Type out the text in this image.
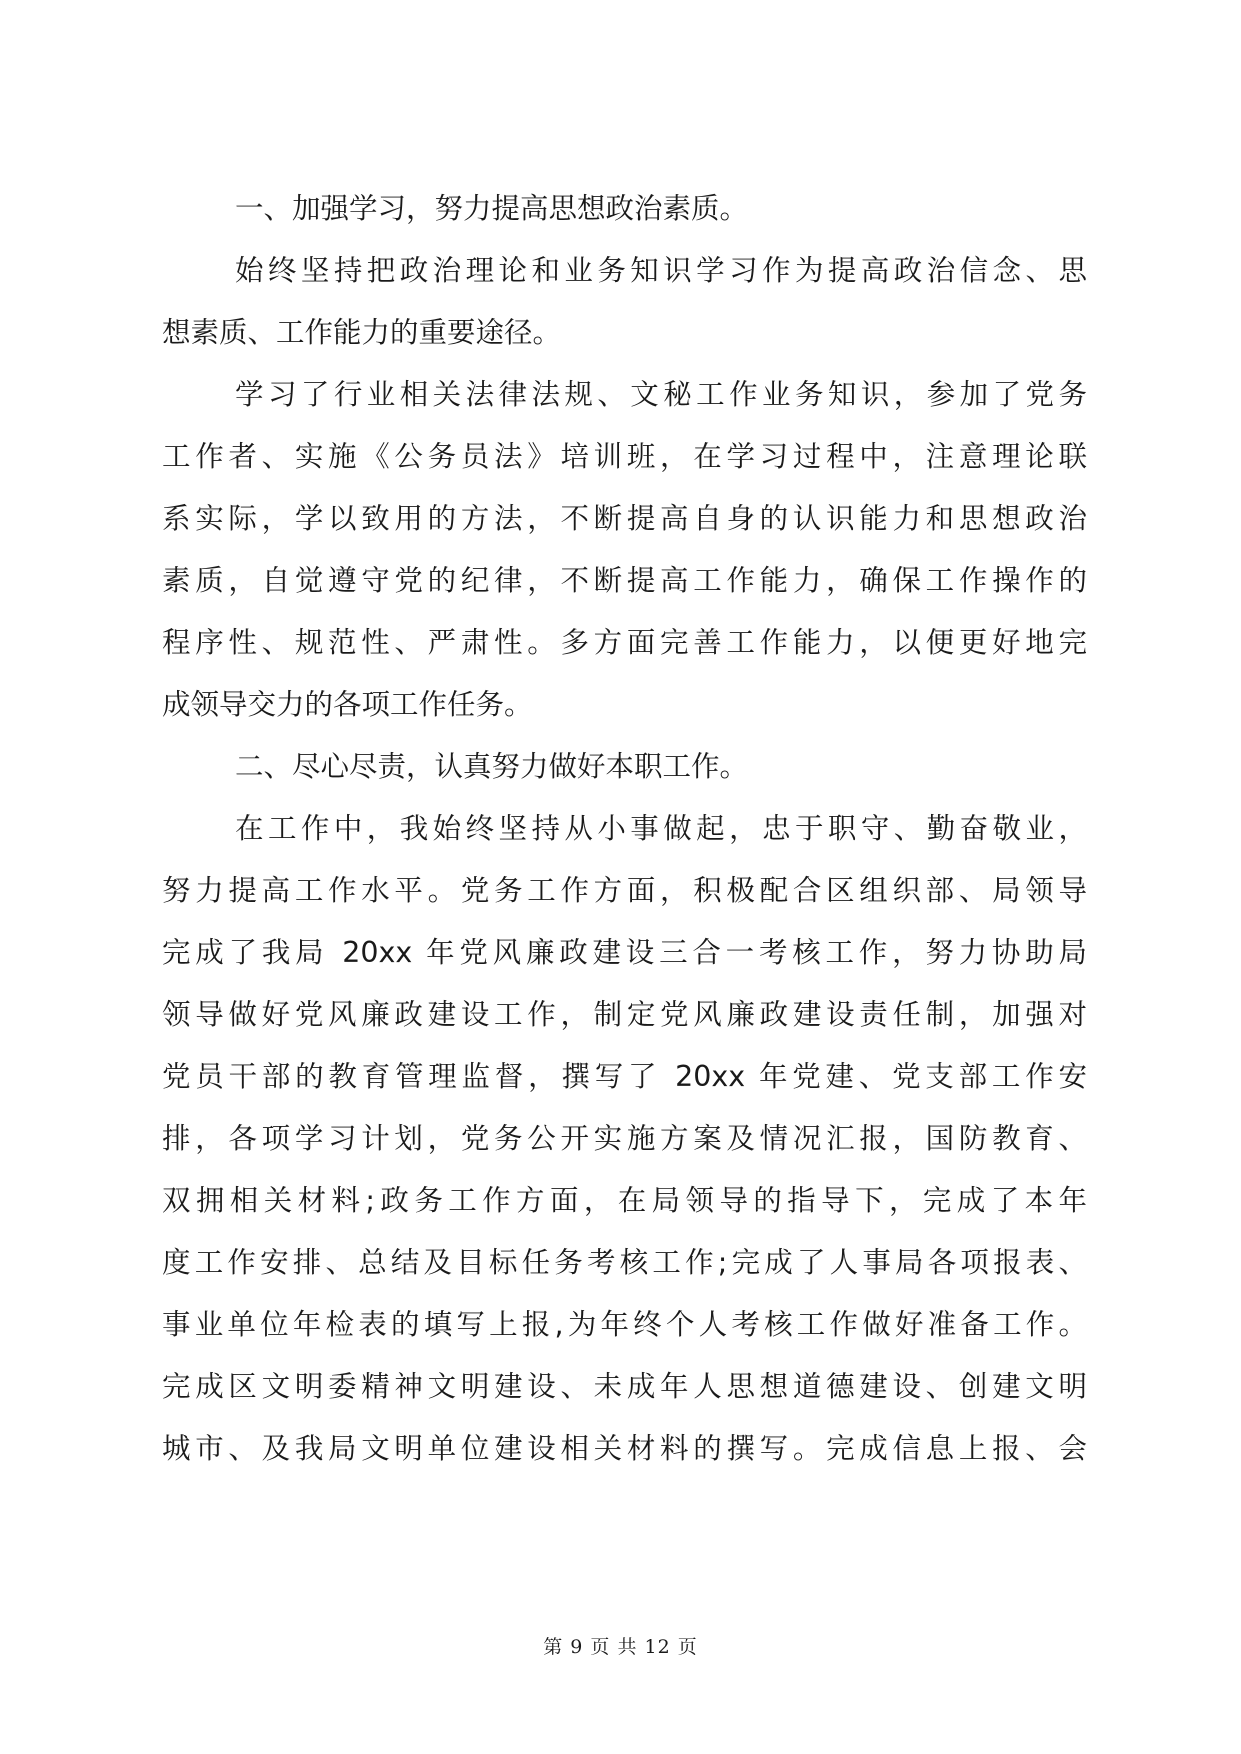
一、加强学习，努力提高思想政治素质。
始终坚持把政治理论和业务知识学习作为提高政治信念、思
想素质、工作能力的重要途径。
学习了行业相关法律法规、文秘工作业务知识，参加了党务
工作者、实施《公务员法》培训班，在学习过程中，注意理论联
系实际，学以致用的方法，不断提高自身的认识能力和思想政治
素质，自觉遵守党的纪律，不断提高工作能力，确保工作操作的
程序性、规范性、严肃性。多方面完善工作能力，以便更好地完
成领导交力的各项工作任务。
二、尽心尽责，认真努力做好本职工作。
在工作中，我始终坚持从小事做起，忠于职守、勤奋敬业，
努力提高工作水平。党务工作方面，积极配合区组织部、局领导
完成了我局 20xx 年党风廉政建设三合一考核工作，努力协助局
领导做好党风廉政建设工作，制定党风廉政建设责任制，加强对
党员干部的教育管理监督，撰写了 20xx 年党建、党支部工作安
排，各项学习计划，党务公开实施方案及情况汇报，国防教育、
双拥相关材料;政务工作方面，在局领导的指导下，完成了本年
度工作安排、总结及目标任务考核工作;完成了人事局各项报表、
事业单位年检表的填写上报,为年终个人考核工作做好准备工作。
完成区文明委精神文明建设、未成年人思想道德建设、创建文明
城市、及我局文明单位建设相关材料的撰写。完成信息上报、会
第 9 页 共 12 页
